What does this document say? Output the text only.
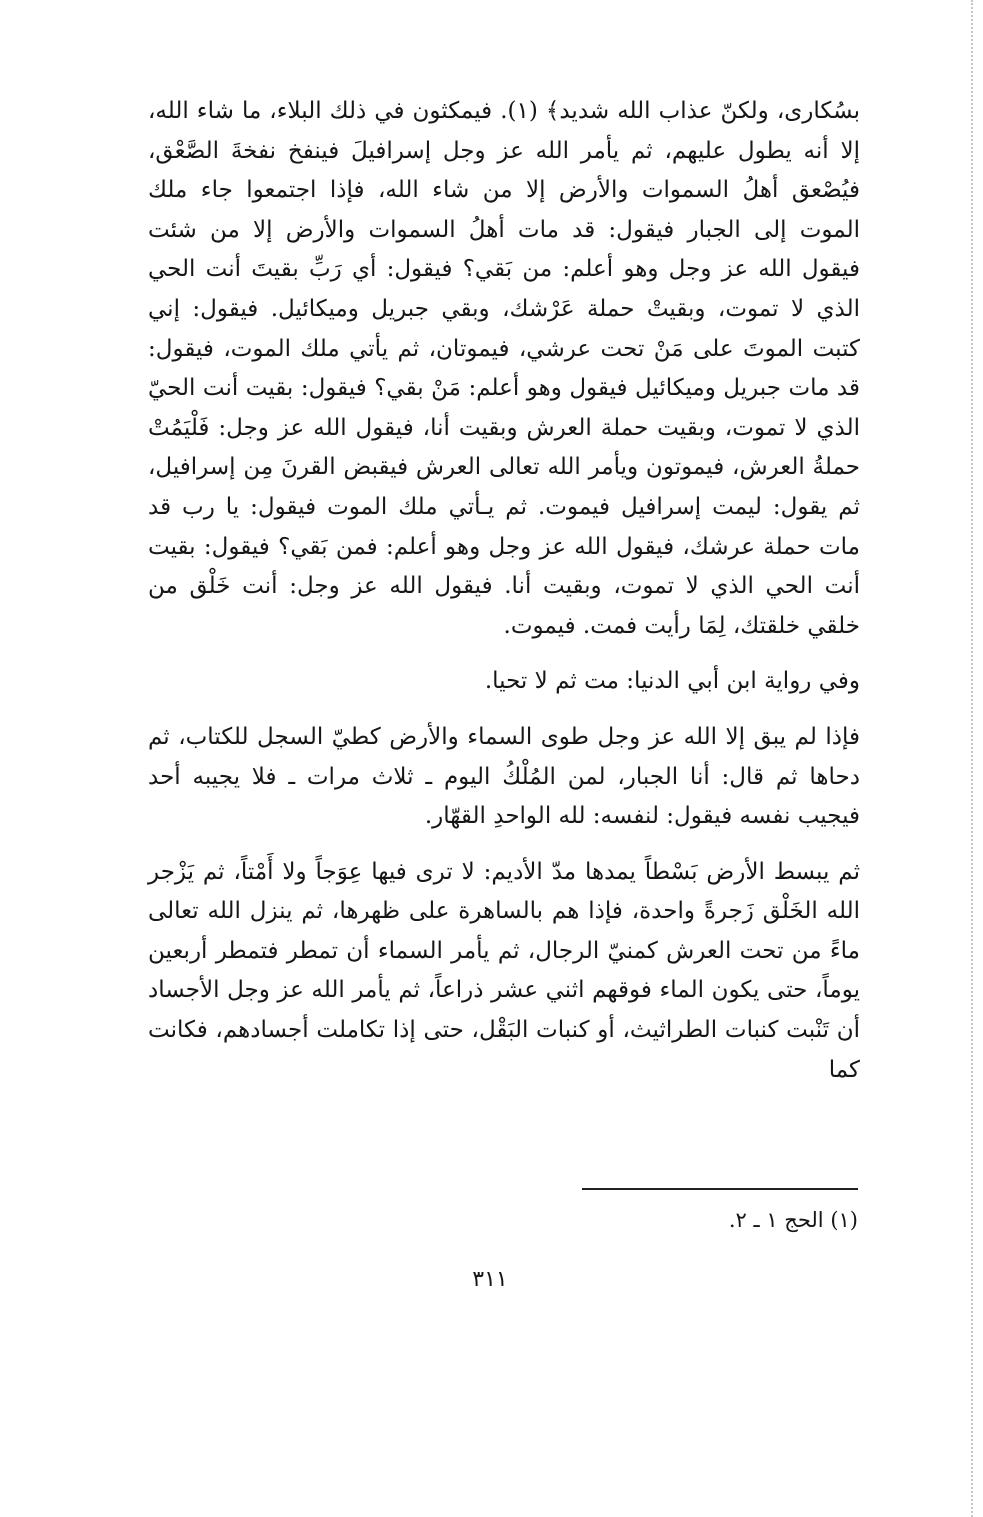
بسُكارى، ولكنّ عذاب الله شديد﴾ (١). فيمكثون في ذلك البلاء، ما شاء الله، إلا أنه يطول عليهم، ثم يأمر الله عز وجل إسرافيلَ فينفخ نفخةَ الصَّعْق، فيُصْعق أهلُ السموات والأرض إلا من شاء الله، فإذا اجتمعوا جاء ملك الموت إلى الجبار فيقول: قد مات أهلُ السموات والأرض إلا من شئت فيقول الله عز وجل وهو أعلم: من بَقي؟ فيقول: أي رَبِّ بقيتَ أنت الحي الذي لا تموت، وبقيتْ حملة عَرْشك، وبقي جبريل وميكائيل. فيقول: إني كتبت الموتَ على مَنْ تحت عرشي، فيموتان، ثم يأتي ملك الموت، فيقول: قد مات جبريل وميكائيل فيقول وهو أعلم: مَنْ بقي؟ فيقول: بقيت أنت الحيّ الذي لا تموت، وبقيت حملة العرش وبقيت أنا، فيقول الله عز وجل: فَلْيَمُتْ حملةُ العرش، فيموتون ويأمر الله تعالى العرش فيقبض القرنَ مِن إسرافيل، ثم يقول: ليمت إسرافيل فيموت. ثم يـأتي ملك الموت فيقول: يا رب قد مات حملة عرشك، فيقول الله عز وجل وهو أعلم: فمن بَقي؟ فيقول: بقيت أنت الحي الذي لا تموت، وبقيت أنا. فيقول الله عز وجل: أنت خَلْق من خلقي خلقتك، لِمَا رأيت فمت. فيموت.

وفي رواية ابن أبي الدنيا: مت ثم لا تحيا.

فإذا لم يبق إلا الله عز وجل طوى السماء والأرض كطيّ السجل للكتاب، ثم دحاها ثم قال: أنا الجبار، لمن المُلْكُ اليوم ـ ثلاث مرات ـ فلا يجيبه أحد فيجيب نفسه فيقول: لنفسه: لله الواحدِ القهّار.

ثم يبسط الأرض بَسْطاً يمدها مدّ الأديم: لا ترى فيها عِوَجاً ولا أَمْتاً، ثم يَزْجر الله الخَلْق زَجرةً واحدة، فإذا هم بالساهرة على ظهرها، ثم ينزل الله تعالى ماءً من تحت العرش كمنيّ الرجال، ثم يأمر السماء أن تمطر فتمطر أربعين يوماً، حتى يكون الماء فوقهم اثني عشر ذراعاً، ثم يأمر الله عز وجل الأجساد أن تَنْبت كنبات الطراثيث، أو كنبات البَقْل، حتى إذا تكاملت أجسادهم، فكانت كما

(١) الحج ١ ـ ٢.
٣١١
